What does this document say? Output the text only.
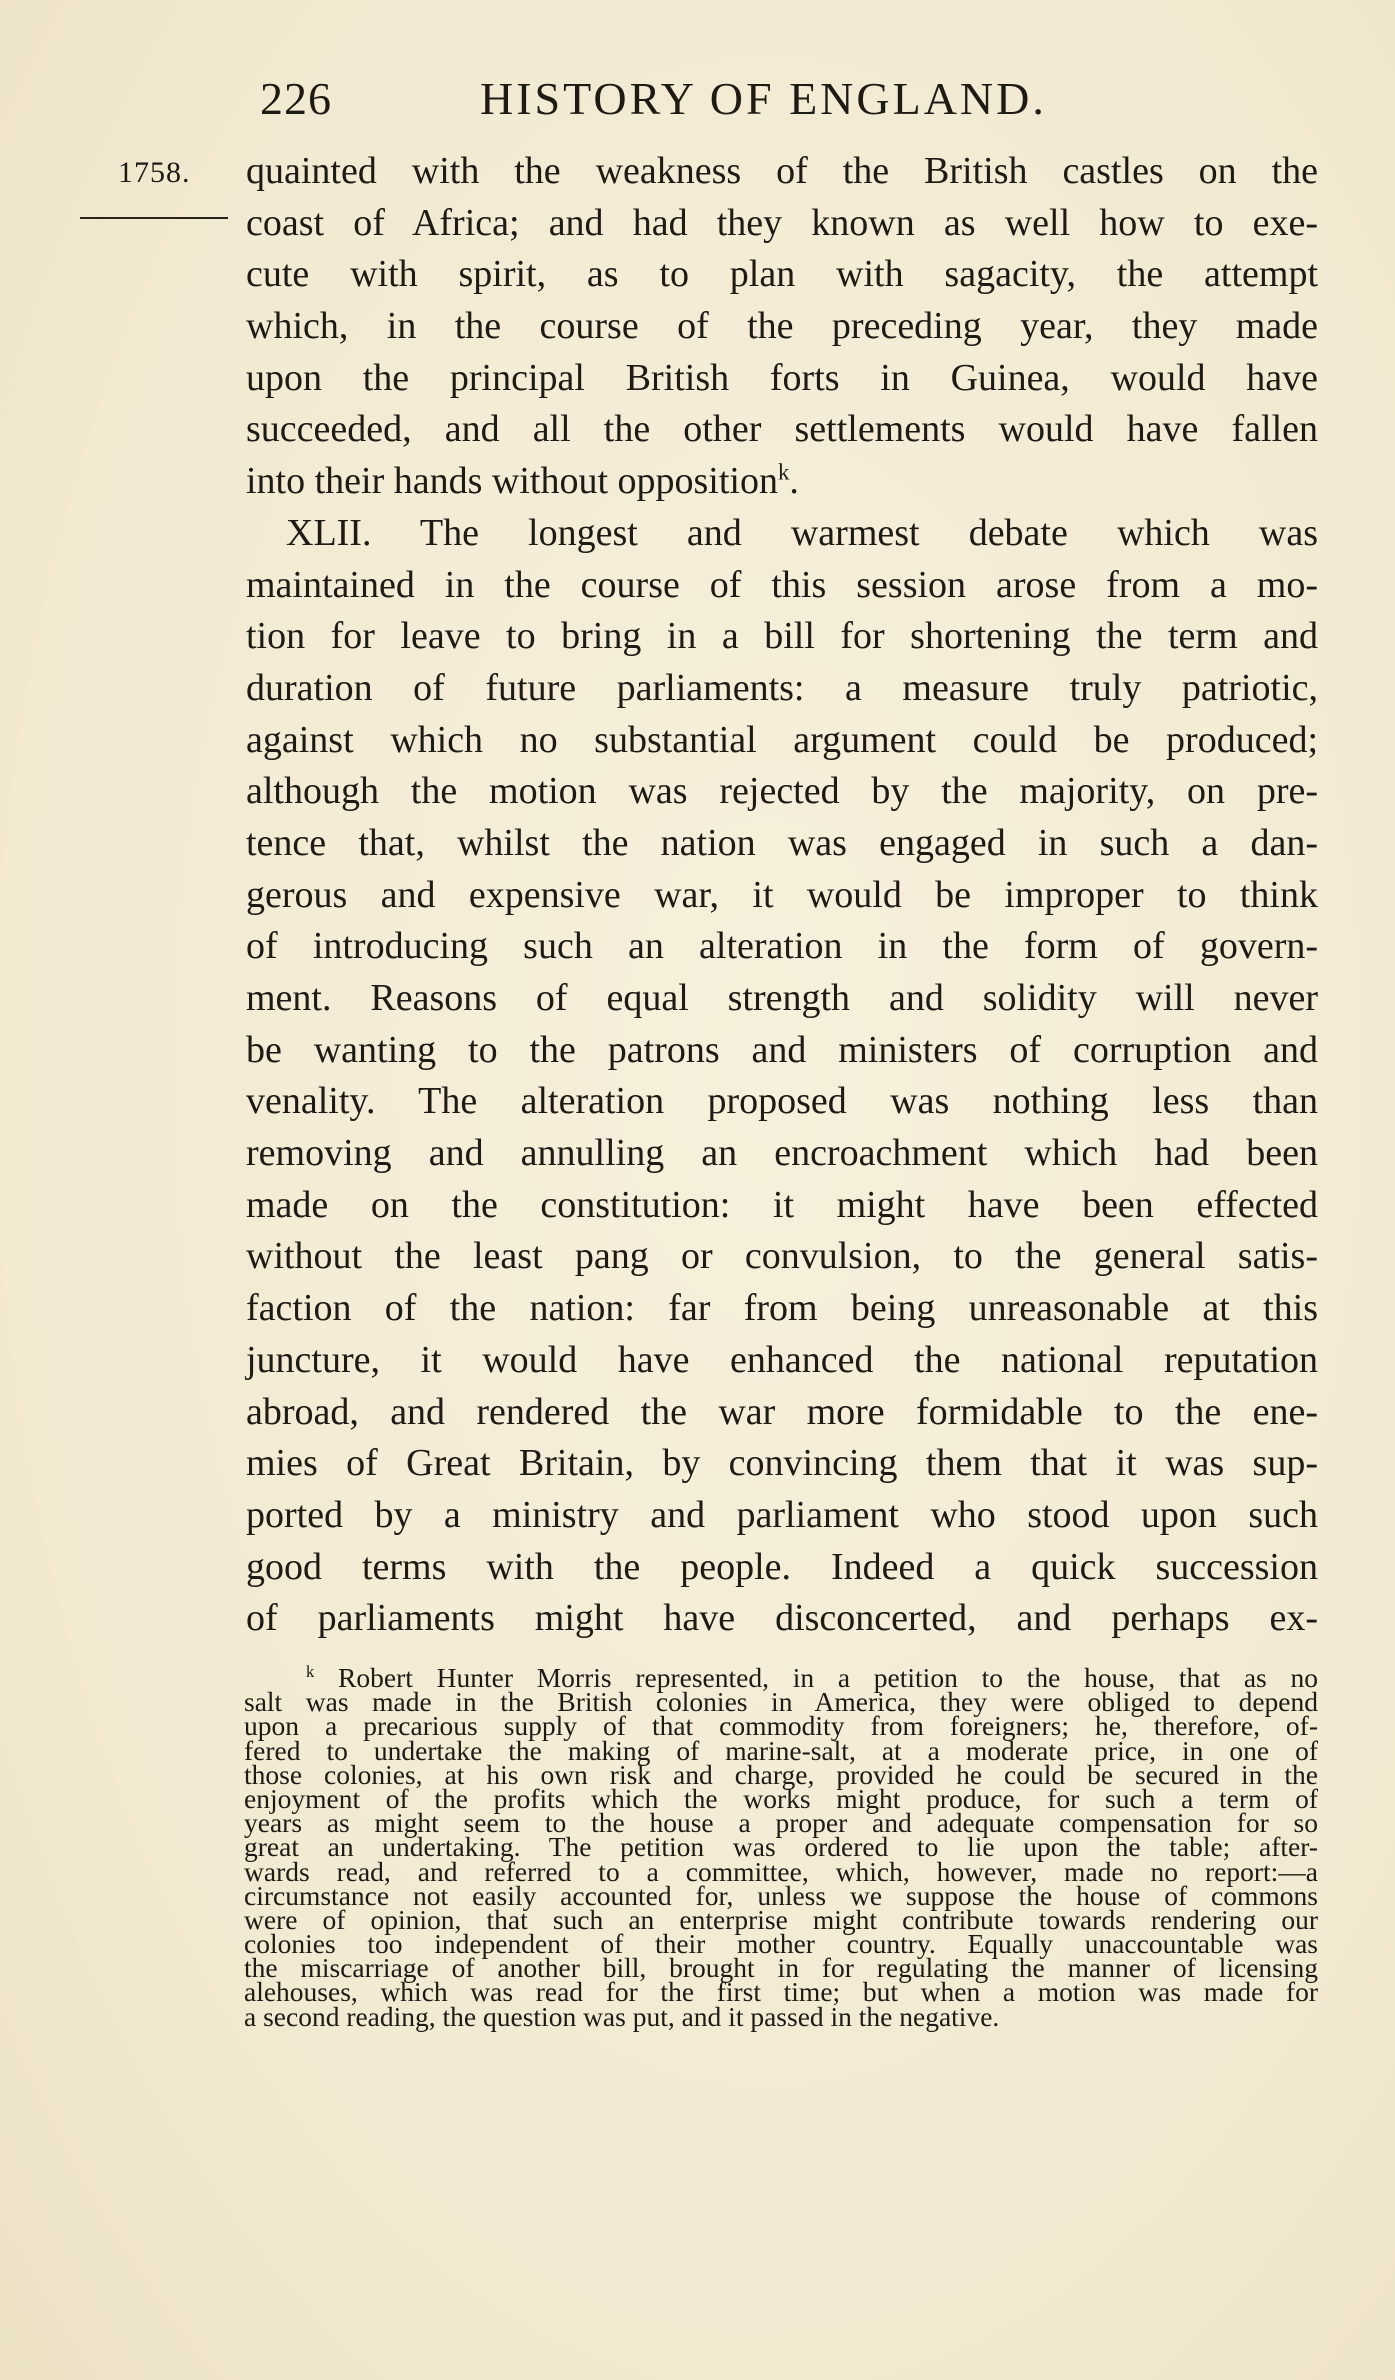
226	HISTORY OF ENGLAND.
1758. quainted with the weakness of the British castles on the
coast of Africa; and had they known as well how to exe-
cute with spirit, as to plan with sagacity, the attempt
which, in the course of the preceding year, they made
upon the principal British forts in Guinea, would have
succeeded, and all the other settlements would have fallen
into their hands without opposition$^k$.
XLII. The longest and warmest debate which was
maintained in the course of this session arose from a mo-
tion for leave to bring in a bill for shortening the term and
duration of future parliaments: a measure truly patriotic,
against which no substantial argument could be produced;
although the motion was rejected by the majority, on pre-
tence that, whilst the nation was engaged in such a dan-
gerous and expensive war, it would be improper to think
of introducing such an alteration in the form of govern-
ment. Reasons of equal strength and solidity will never
be wanting to the patrons and ministers of corruption and
venality. The alteration proposed was nothing less than
removing and annulling an encroachment which had been
made on the constitution: it might have been effected
without the least pang or convulsion, to the general satis-
faction of the nation: far from being unreasonable at this
juncture, it would have enhanced the national reputation
abroad, and rendered the war more formidable to the ene-
mies of Great Britain, by convincing them that it was sup-
ported by a ministry and parliament who stood upon such
good terms with the people. Indeed a quick succession
of parliaments might have disconcerted, and perhaps ex-
$^k$ Robert Hunter Morris represented, in a petition to the house, that as no
salt was made in the British colonies in America, they were obliged to depend
upon a precarious supply of that commodity from foreigners; he, therefore, of-
fered to undertake the making of marine-salt, at a moderate price, in one of
those colonies, at his own risk and charge, provided he could be secured in the
enjoyment of the profits which the works might produce, for such a term of
years as might seem to the house a proper and adequate compensation for so
great an undertaking. The petition was ordered to lie upon the table; after-
wards read, and referred to a committee, which, however, made no report:—a
circumstance not easily accounted for, unless we suppose the house of commons
were of opinion, that such an enterprise might contribute towards rendering our
colonies too independent of their mother country. Equally unaccountable was
the miscarriage of another bill, brought in for regulating the manner of licensing
alehouses, which was read for the first time; but when a motion was made for
a second reading, the question was put, and it passed in the negative.
